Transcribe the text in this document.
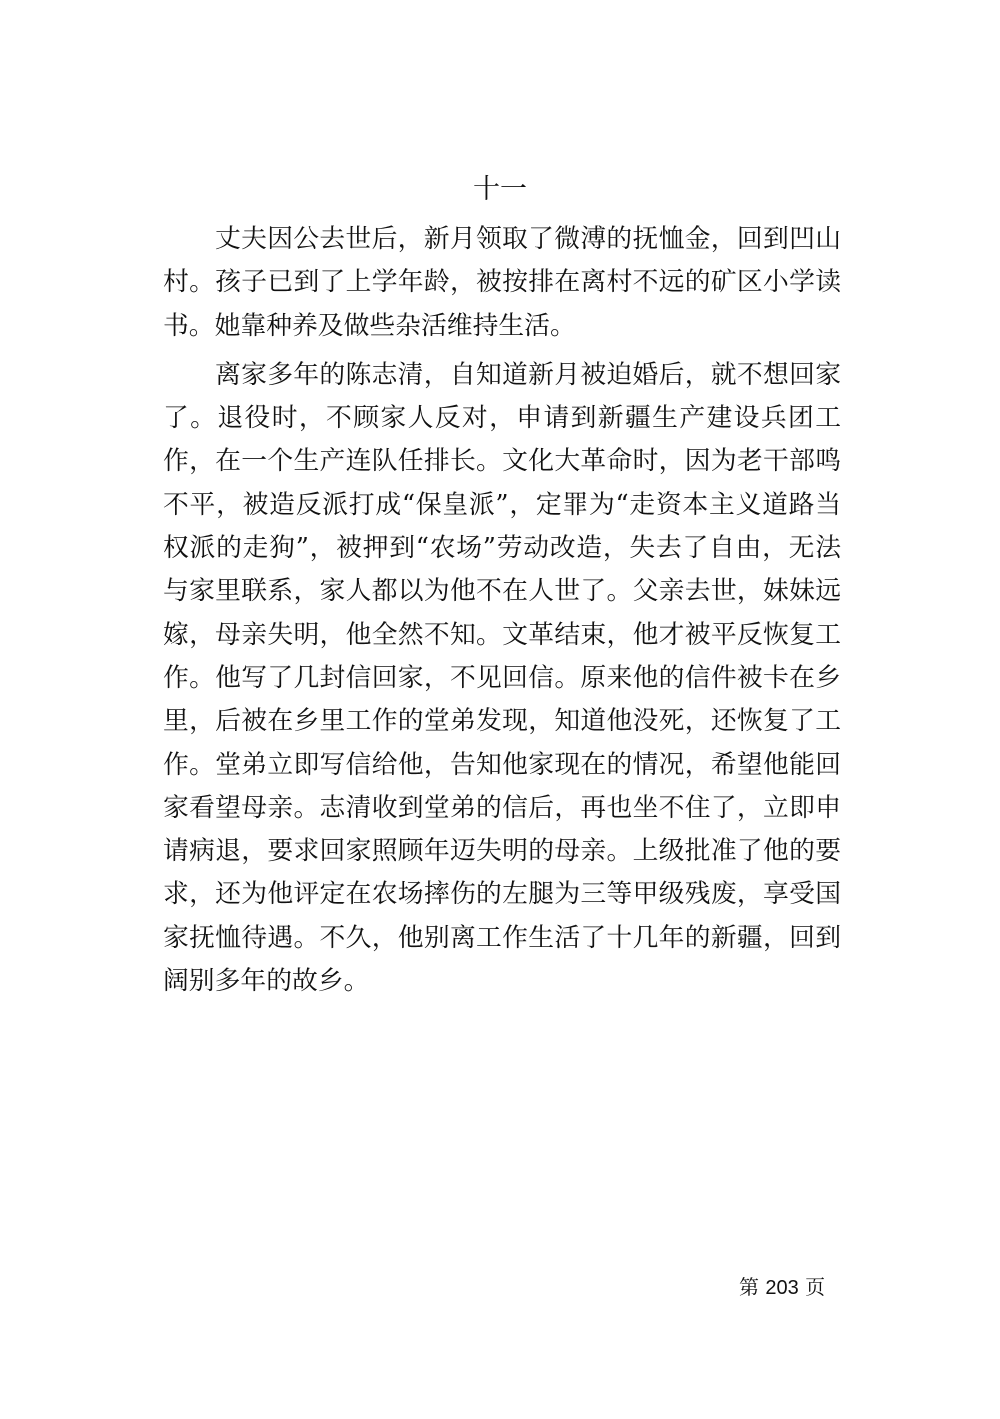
十一

丈夫因公去世后，新月领取了微溥的抚恤金，回到凹山村。孩子已到了上学年龄，被按排在离村不远的矿区小学读书。她靠种养及做些杂活维持生活。

离家多年的陈志清，自知道新月被迫婚后，就不想回家了。退役时，不顾家人反对，申请到新疆生产建设兵团工作，在一个生产连队任排长。文化大革命时，因为老干部鸣不平，被造反派打成“保皇派”，定罪为“走资本主义道路当权派的走狗”，被押到“农场”劳动改造，失去了自由，无法与家里联系，家人都以为他不在人世了。父亲去世，妹妹远嫁，母亲失明，他全然不知。文革结束，他才被平反恢复工作。他写了几封信回家，不见回信。原来他的信件被卡在乡里，后被在乡里工作的堂弟发现，知道他没死，还恢复了工作。堂弟立即写信给他，告知他家现在的情况，希望他能回家看望母亲。志清收到堂弟的信后，再也坐不住了，立即申请病退，要求回家照顾年迈失明的母亲。上级批准了他的要求，还为他评定在农场摔伤的左腿为三等甲级残废，享受国家抚恤待遇。不久，他别离工作生活了十几年的新疆，回到阔别多年的故乡。

第 203 页
